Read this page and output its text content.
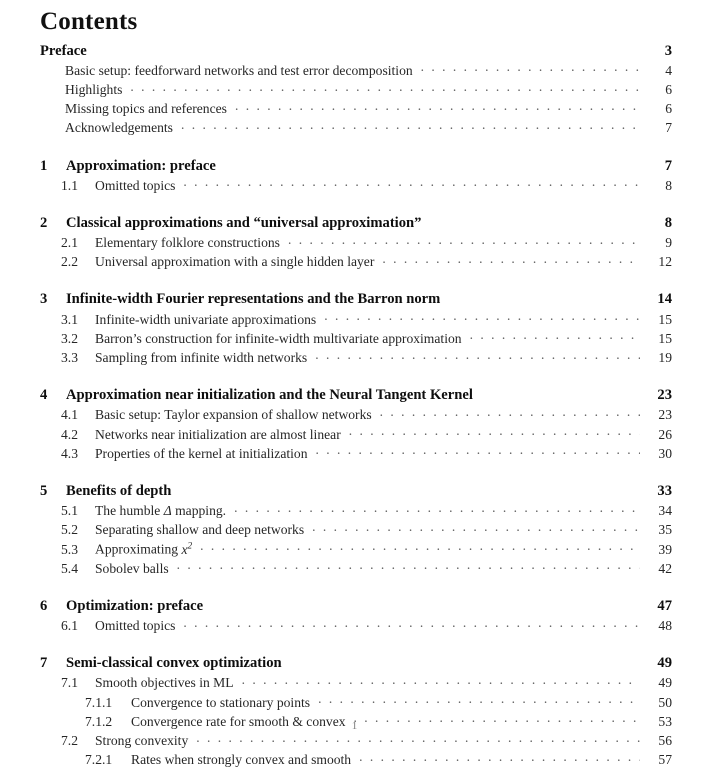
Contents
Preface	3
Basic setup: feedforward networks and test error decomposition . . .	4
Highlights . . .	6
Missing topics and references . . .	6
Acknowledgements . . .	7
1	Approximation: preface	7
1.1	Omitted topics . . .	8
2	Classical approximations and “universal approximation”	8
2.1	Elementary folklore constructions . . .	9
2.2	Universal approximation with a single hidden layer . . .	12
3	Infinite-width Fourier representations and the Barron norm	14
3.1	Infinite-width univariate approximations . . .	15
3.2	Barron’s construction for infinite-width multivariate approximation . . .	15
3.3	Sampling from infinite width networks . . .	19
4	Approximation near initialization and the Neural Tangent Kernel	23
4.1	Basic setup: Taylor expansion of shallow networks . . .	23
4.2	Networks near initialization are almost linear . . .	26
4.3	Properties of the kernel at initialization . . .	30
5	Benefits of depth	33
5.1	The humble Δ mapping. . . .	34
5.2	Separating shallow and deep networks . . .	35
5.3	Approximating $x^2$ . . .	39
5.4	Sobolev balls . . .	42
6	Optimization: preface	47
6.1	Omitted topics . . .	48
7	Semi-classical convex optimization	49
7.1	Smooth objectives in ML . . .	49
7.1.1	Convergence to stationary points . . .	50
7.1.2	Convergence rate for smooth & convex . . .	53
7.2	Strong convexity . . .	56
7.2.1	Rates when strongly convex and smooth . . .	57
1
